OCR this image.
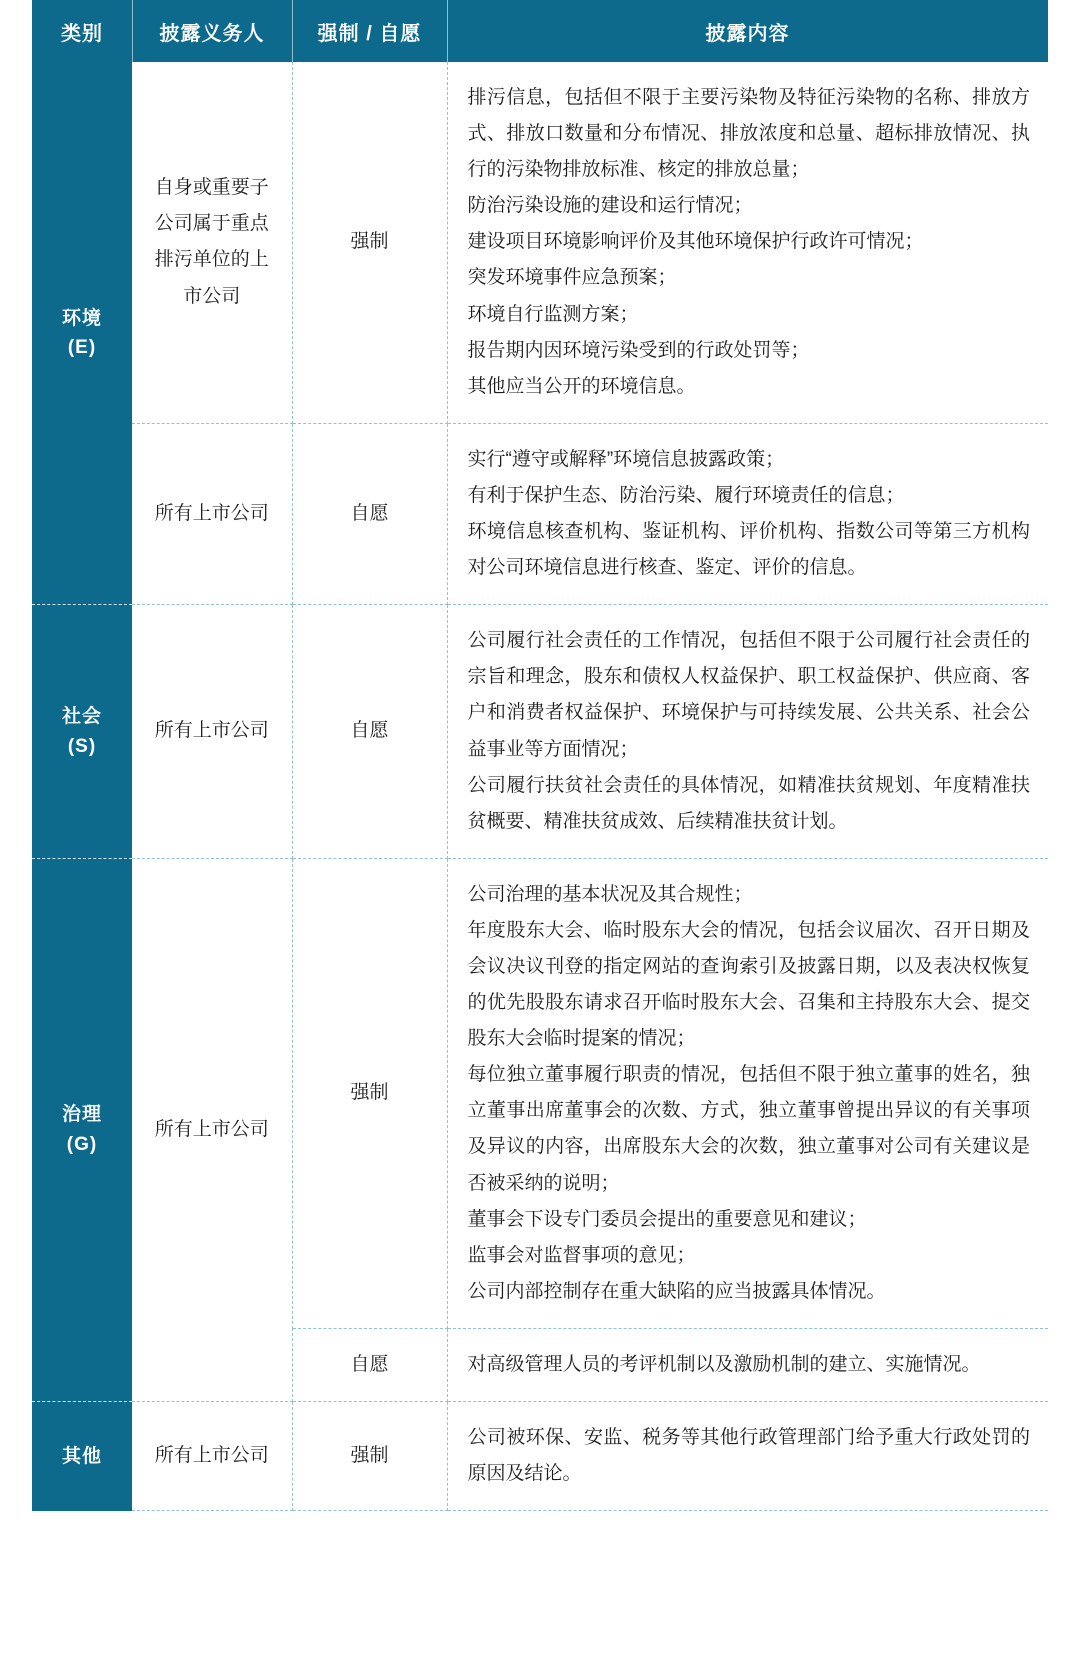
类别	披露义务人	强制 / 自愿	披露内容

环境
(E)
	自身或重要子公司属于重点排污单位的上市公司	强制	
排污信息，包括但不限于主要污染物及特征污染物的名称、排放方式、排放口数量和分布情况、排放浓度和总量、超标排放情况、执行的污染物排放标准、核定的排放总量；
防治污染设施的建设和运行情况；
建设项目环境影响评价及其他环境保护行政许可情况；
突发环境事件应急预案；
环境自行监测方案；
报告期内因环境污染受到的行政处罚等；
其他应当公开的环境信息。

	所有上市公司	自愿	实行“遵守或解释”环境信息披露政策；
有利于保护生态、防治污染、履行环境责任的信息；
环境信息核查机构、鉴证机构、评价机构、指数公司等第三方机构对公司环境信息进行核查、鉴定、评价的信息。

社会
(S)	所有上市公司	自愿	公司履行社会责任的工作情况，包括但不限于公司履行社会责任的宗旨和理念，股东和债权人权益保护、职工权益保护、供应商、客户和消费者权益保护、环境保护与可持续发展、公共关系、社会公益事业等方面情况；
公司履行扶贫社会责任的具体情况，如精准扶贫规划、年度精准扶贫概要、精准扶贫成效、后续精准扶贫计划。

治理
(G)
	所有上市公司	强制	
公司治理的基本状况及其合规性；
年度股东大会、临时股东大会的情况，包括会议届次、召开日期及会议决议刊登的指定网站的查询索引及披露日期，以及表决权恢复的优先股股东请求召开临时股东大会、召集和主持股东大会、提交股东大会临时提案的情况；
每位独立董事履行职责的情况，包括但不限于独立董事的姓名，独立董事出席董事会的次数、方式，独立董事曾提出异议的有关事项及异议的内容，出席股东大会的次数，独立董事对公司有关建议是否被采纳的说明；
董事会下设专门委员会提出的重要意见和建议；
监事会对监督事项的意见；
公司内部控制存在重大缺陷的应当披露具体情况。

		自愿	对高级管理人员的考评机制以及激励机制的建立、实施情况。

其他	所有上市公司	强制	公司被环保、安监、税务等其他行政管理部门给予重大行政处罚的原因及结论。
